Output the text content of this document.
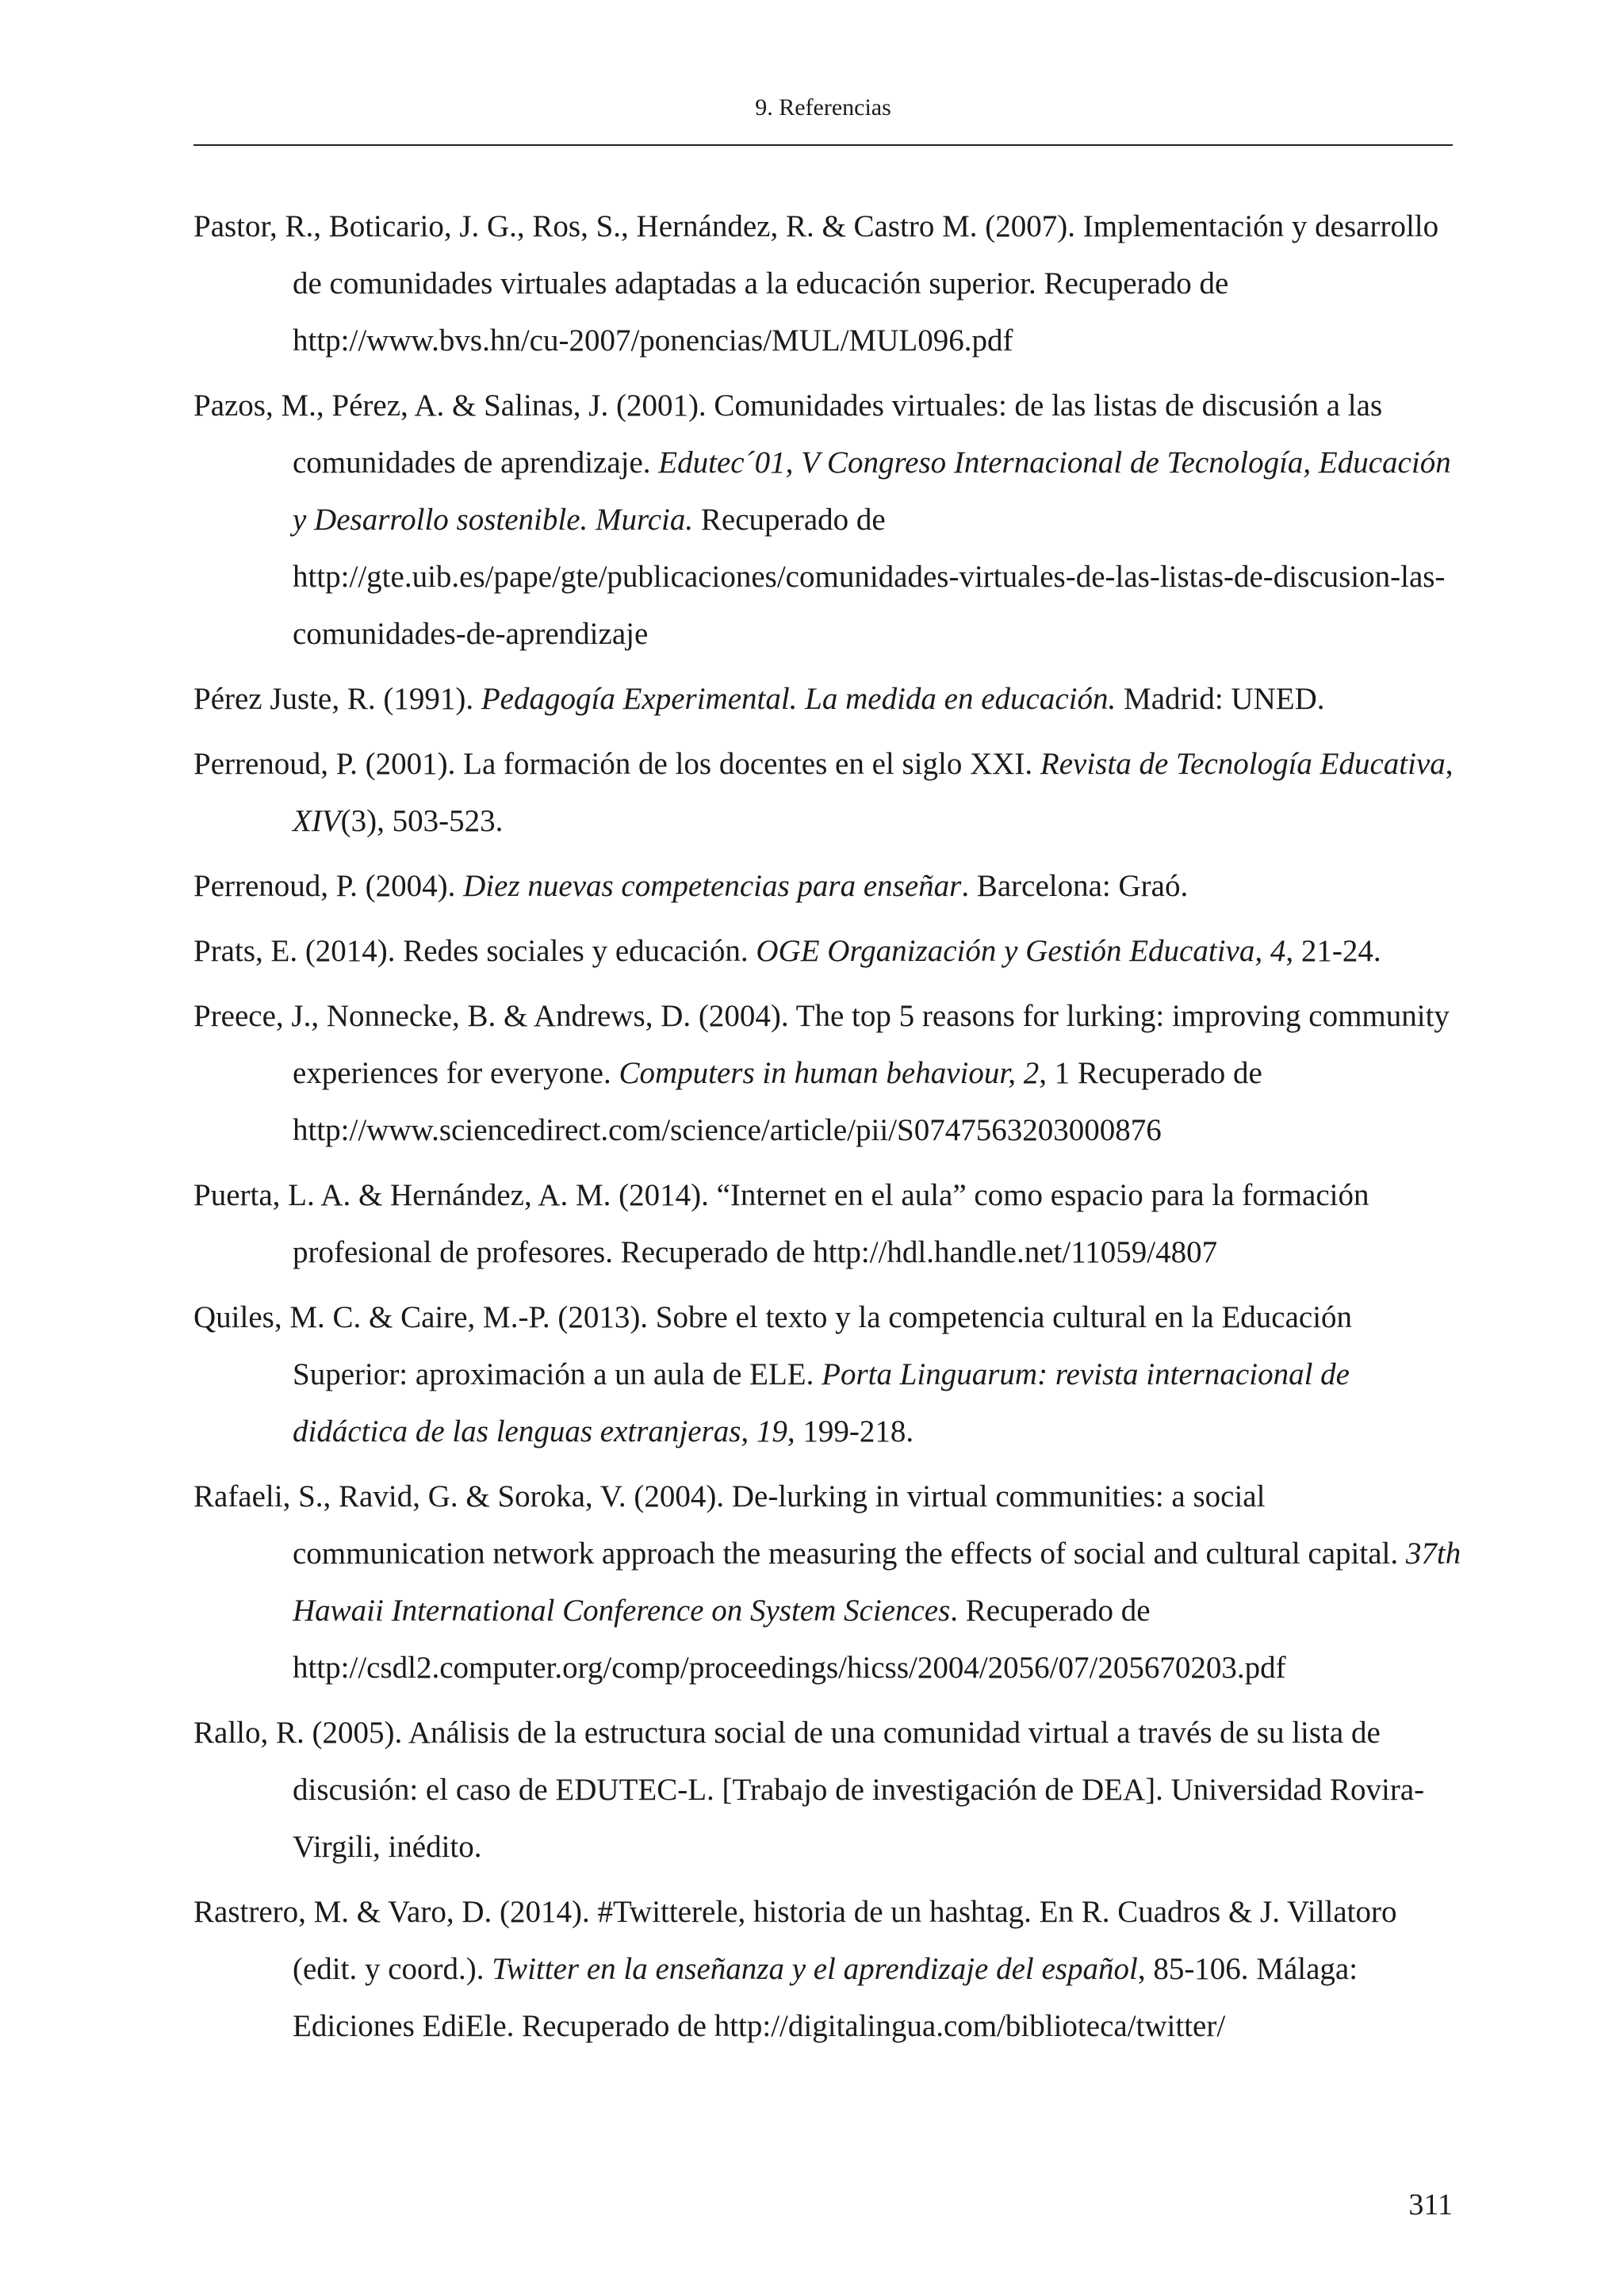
9. Referencias

Pastor, R., Boticario, J. G., Ros, S., Hernández, R. & Castro M. (2007). Implementación y desarrollo de comunidades virtuales adaptadas a la educación superior. Recuperado de http://www.bvs.hn/cu-2007/ponencias/MUL/MUL096.pdf

Pazos, M., Pérez, A. & Salinas, J. (2001). Comunidades virtuales: de las listas de discusión a las comunidades de aprendizaje. Edutec´01, V Congreso Internacional de Tecnología, Educación y Desarrollo sostenible. Murcia. Recuperado de http://gte.uib.es/pape/gte/publicaciones/comunidades-virtuales-de-las-listas-de-discusion-las-comunidades-de-aprendizaje

Pérez Juste, R. (1991). Pedagogía Experimental. La medida en educación. Madrid: UNED.

Perrenoud, P. (2001). La formación de los docentes en el siglo XXI. Revista de Tecnología Educativa, XIV(3), 503-523.

Perrenoud, P. (2004). Diez nuevas competencias para enseñar. Barcelona: Graó.

Prats, E. (2014). Redes sociales y educación. OGE Organización y Gestión Educativa, 4, 21-24.

Preece, J., Nonnecke, B. & Andrews, D. (2004). The top 5 reasons for lurking: improving community experiences for everyone. Computers in human behaviour, 2, 1 Recuperado de http://www.sciencedirect.com/science/article/pii/S0747563203000876

Puerta, L. A. & Hernández, A. M. (2014). “Internet en el aula” como espacio para la formación profesional de profesores. Recuperado de http://hdl.handle.net/11059/4807

Quiles, M. C. & Caire, M.-P. (2013). Sobre el texto y la competencia cultural en la Educación Superior: aproximación a un aula de ELE. Porta Linguarum: revista internacional de didáctica de las lenguas extranjeras, 19, 199-218.

Rafaeli, S., Ravid, G. & Soroka, V. (2004). De-lurking in virtual communities: a social communication network approach the measuring the effects of social and cultural capital. 37th Hawaii International Conference on System Sciences. Recuperado de http://csdl2.computer.org/comp/proceedings/hicss/2004/2056/07/205670203.pdf

Rallo, R. (2005). Análisis de la estructura social de una comunidad virtual a través de su lista de discusión: el caso de EDUTEC-L. [Trabajo de investigación de DEA]. Universidad Rovira-Virgili, inédito.

Rastrero, M. & Varo, D. (2014). #Twitterele, historia de un hashtag. En R. Cuadros & J. Villatoro (edit. y coord.). Twitter en la enseñanza y el aprendizaje del español, 85-106. Málaga: Ediciones EdiEle. Recuperado de http://digitalingua.com/biblioteca/twitter/

311
